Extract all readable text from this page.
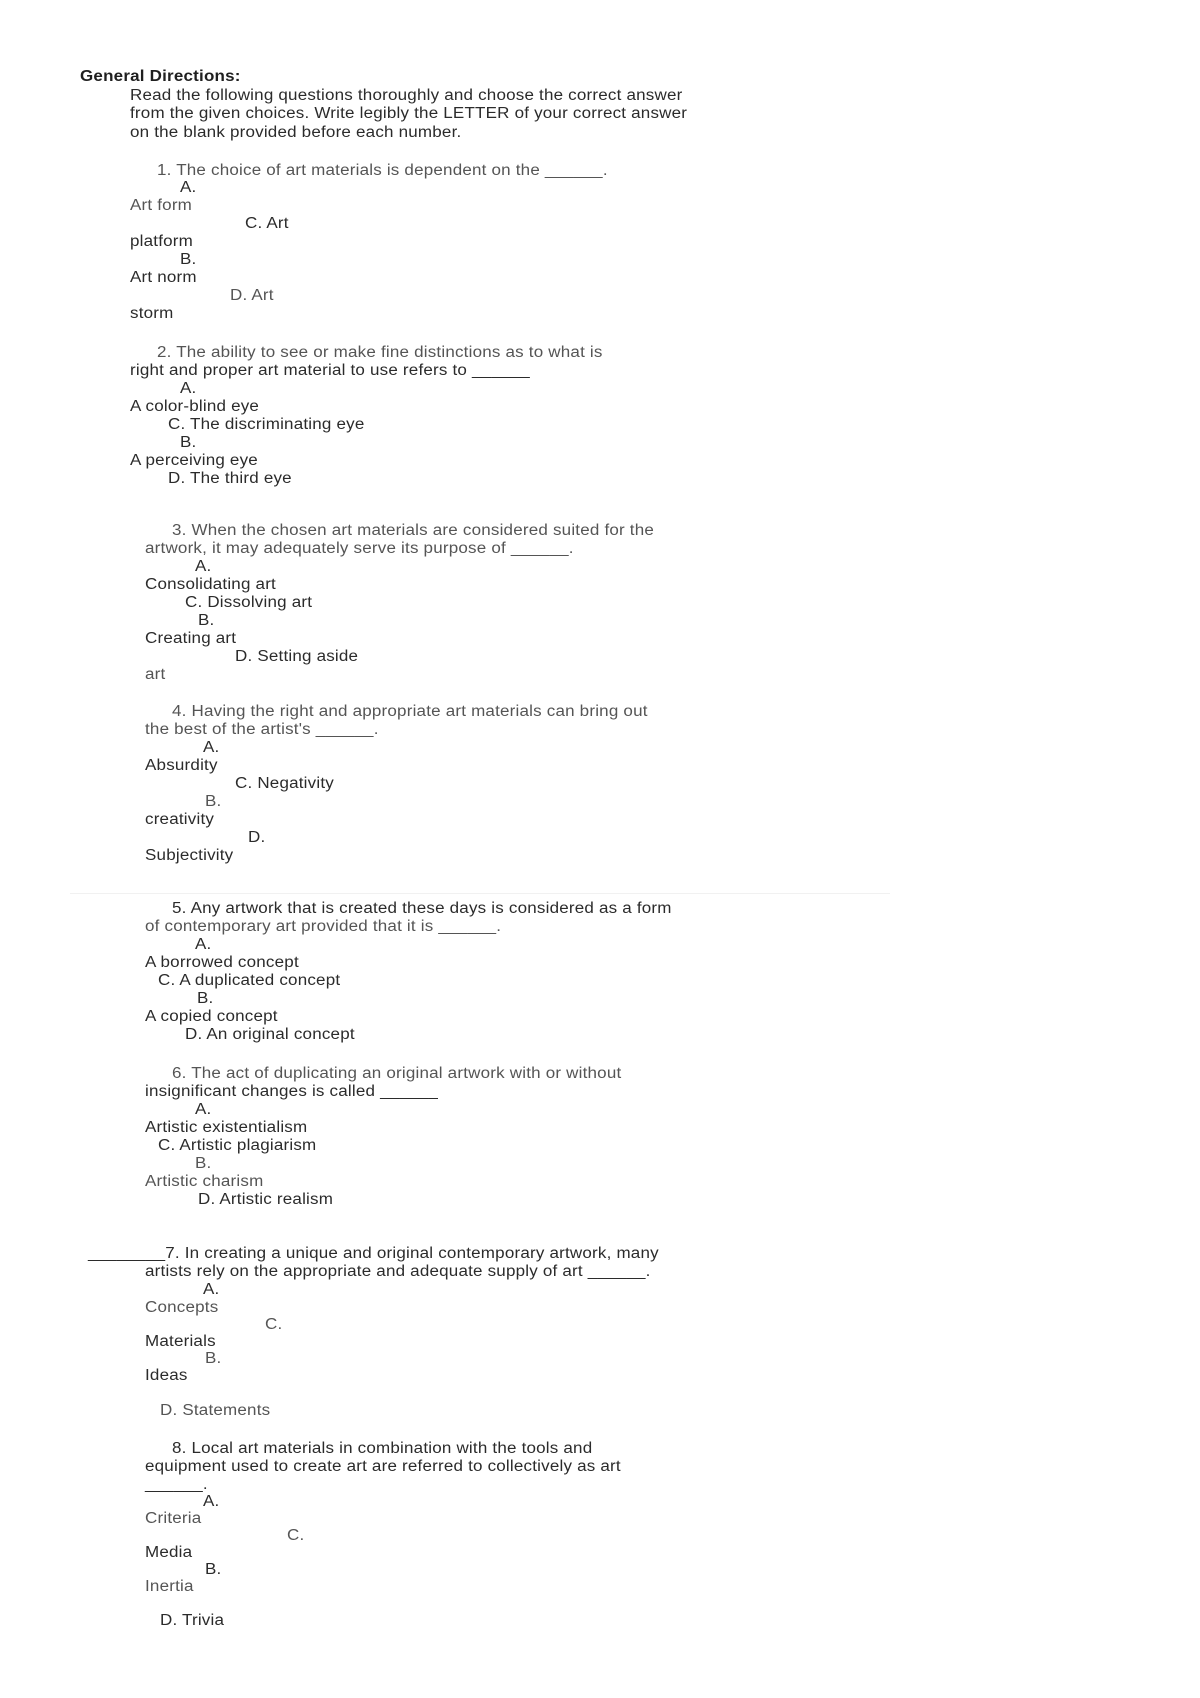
General Directions:
Read the following questions thoroughly and choose the correct answer
from the given choices. Write legibly the LETTER of your correct answer
on the blank provided before each number.
1. The choice of art materials is dependent on the ______.
A.
Art form
C. Art
platform
B.
Art norm
D. Art
storm
2. The ability to see or make fine distinctions as to what is
right and proper art material to use refers to ______
A.
A color-blind eye
C. The discriminating eye
B.
A perceiving eye
D. The third eye
3. When the chosen art materials are considered suited for the
artwork, it may adequately serve its purpose of ______.
A.
Consolidating art
C. Dissolving art
B.
Creating art
D. Setting aside
art
4. Having the right and appropriate art materials can bring out
the best of the artist's ______.
A.
Absurdity
C. Negativity
B.
creativity
D.
Subjectivity
5. Any artwork that is created these days is considered as a form
of contemporary art provided that it is ______.
A.
A borrowed concept
C. A duplicated concept
B.
A copied concept
D. An original concept
6. The act of duplicating an original artwork with or without
insignificant changes is called ______
A.
Artistic existentialism
C. Artistic plagiarism
B.
Artistic charism
D. Artistic realism
________7. In creating a unique and original contemporary artwork, many
artists rely on the appropriate and adequate supply of art ______.
A.
Concepts
C.
Materials
B.
Ideas
D. Statements
8. Local art materials in combination with the tools and
equipment used to create art are referred to collectively as art
______.
A.
Criteria
C.
Media
B.
Inertia
D. Trivia
